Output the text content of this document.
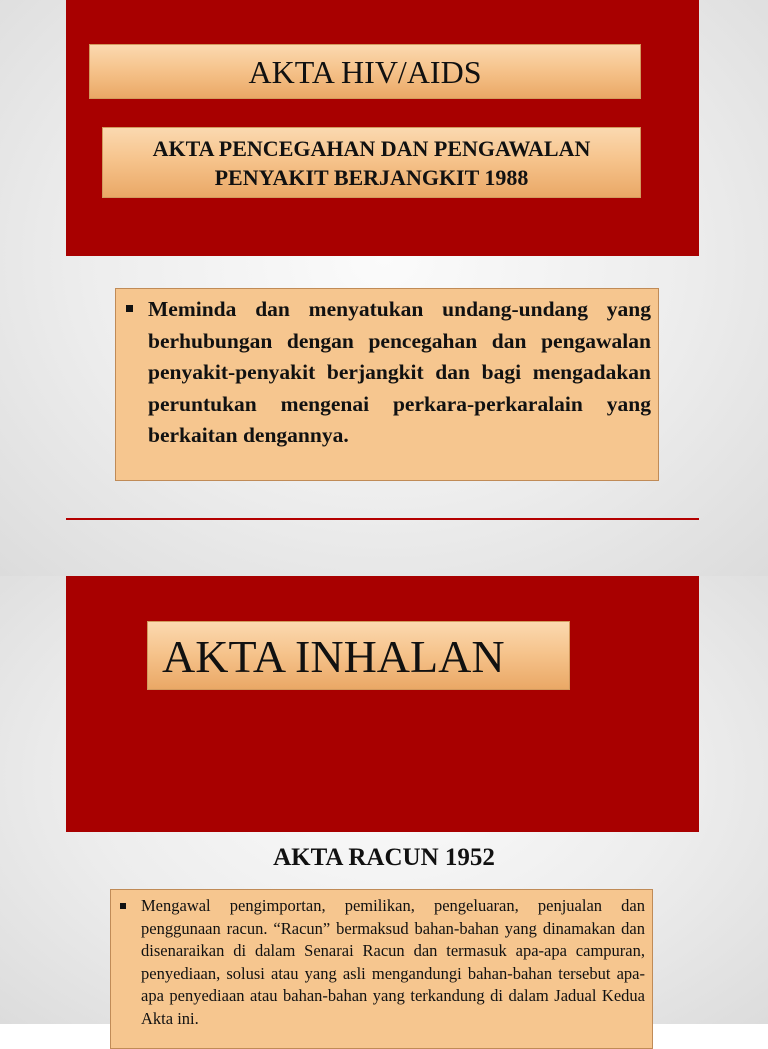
AKTA HIV/AIDS
AKTA PENCEGAHAN DAN PENGAWALAN
PENYAKIT BERJANGKIT 1988
Meminda dan menyatukan undang-undang yang berhubungan dengan pencegahan dan pengawalan penyakit-penyakit berjangkit dan bagi mengadakan peruntukan mengenai perkara-perkaralain yang berkaitan dengannya.
AKTA INHALAN
AKTA RACUN 1952
Mengawal pengimportan, pemilikan, pengeluaran, penjualan dan penggunaan racun. “Racun” bermaksud bahan-bahan yang dinamakan dan disenaraikan di dalam Senarai Racun dan termasuk apa-apa campuran, penyediaan, solusi atau yang asli mengandungi bahan-bahan tersebut apa-apa penyediaan atau bahan-bahan yang terkandung di dalam Jadual Kedua Akta ini.
